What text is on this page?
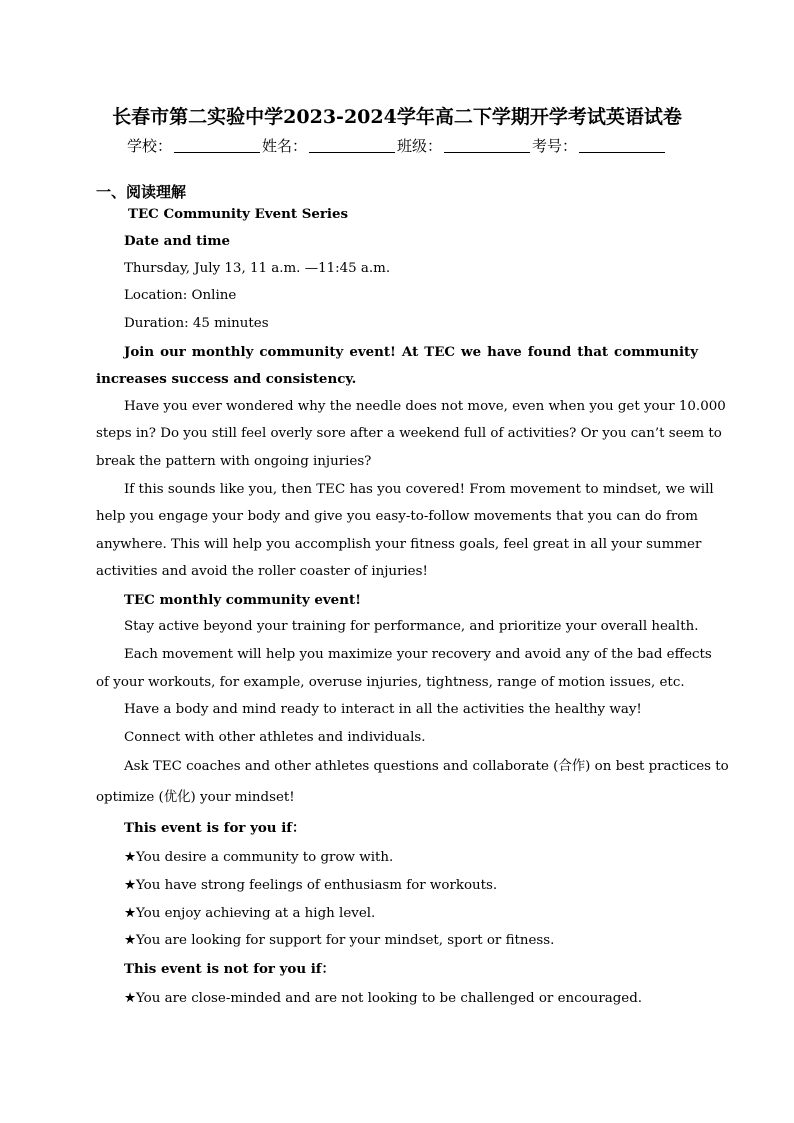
长春市第二实验中学2023-2024学年高二下学期开学考试英语试卷
学校：	姓名：	班级：	考号：
一、阅读理解
TEC Community Event Series
Date and time
Thursday, July 13, 11 a.m. —11:45 a.m.
Location: Online
Duration: 45 minutes
Join our monthly community event! At TEC we have found that community
increases success and consistency.
Have you ever wondered why the needle does not move, even when you get your 10.000
steps in? Do you still feel overly sore after a weekend full of activities? Or you can’t seem to
break the pattern with ongoing injuries?
If this sounds like you, then TEC has you covered! From movement to mindset, we will
help you engage your body and give you easy-to-follow movements that you can do from
anywhere. This will help you accomplish your fitness goals, feel great in all your summer
activities and avoid the roller coaster of injuries!
TEC monthly community event!
Stay active beyond your training for performance, and prioritize your overall health.
Each movement will help you maximize your recovery and avoid any of the bad effects
of your workouts, for example, overuse injuries, tightness, range of motion issues, etc.
Have a body and mind ready to interact in all the activities the healthy way!
Connect with other athletes and individuals.
Ask TEC coaches and other athletes questions and collaborate (合作) on best practices to
optimize (优化) your mindset!
This event is for you if：
★You desire a community to grow with.
★You have strong feelings of enthusiasm for workouts.
★You enjoy achieving at a high level.
★You are looking for support for your mindset, sport or fitness.
This event is not for you if：
★You are close-minded and are not looking to be challenged or encouraged.
